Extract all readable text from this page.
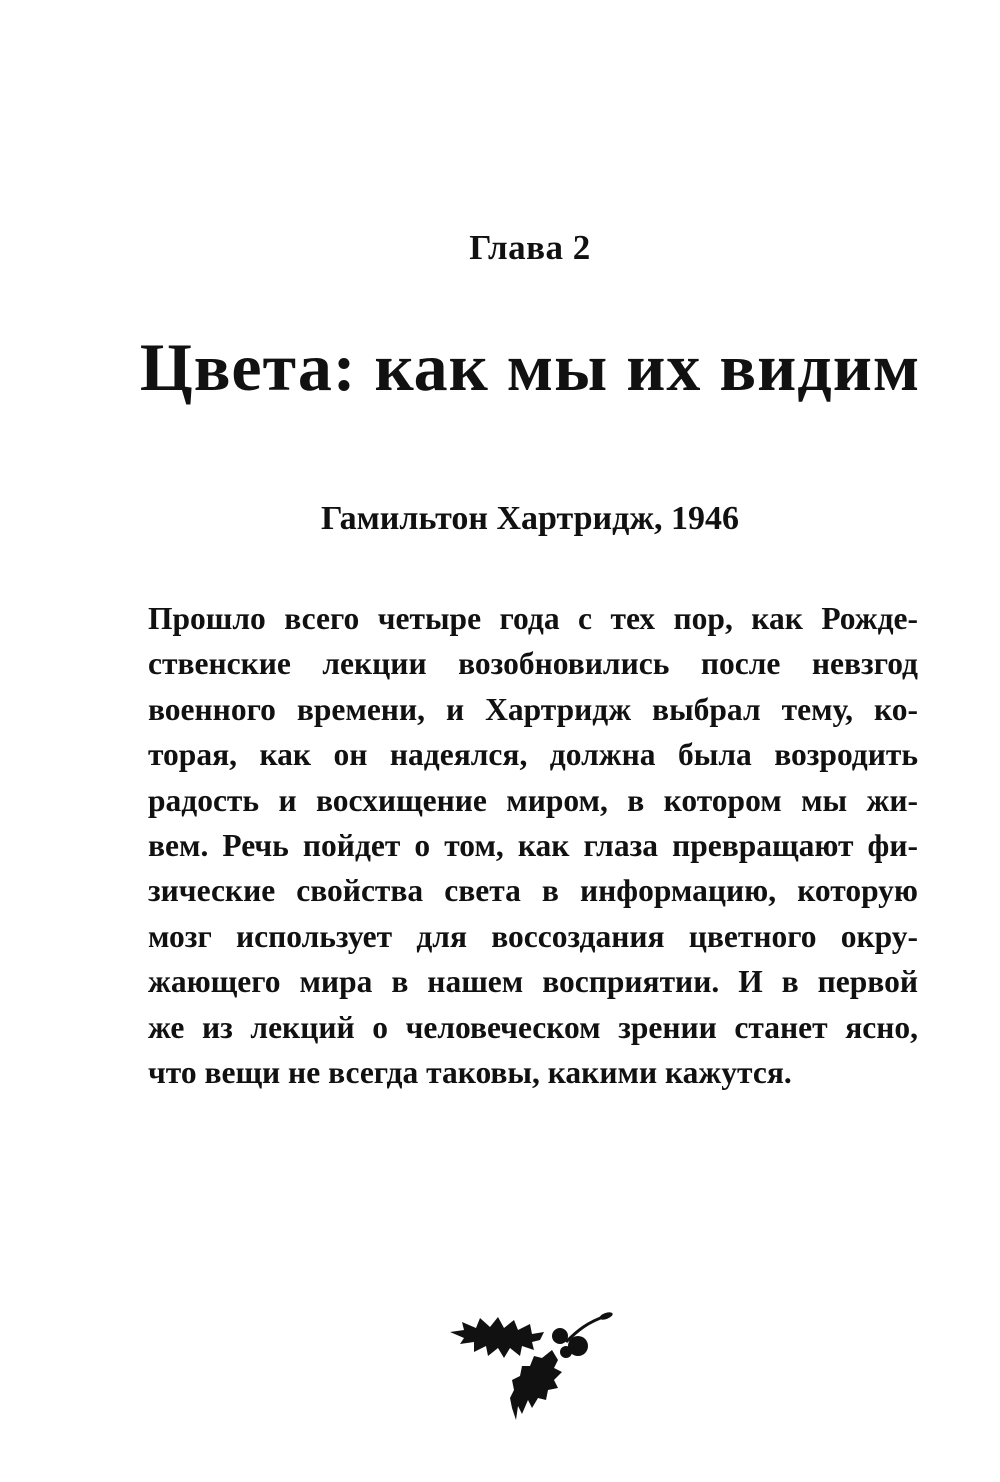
Глава 2
Цвета: как мы их видим
Гамильтон Хартридж, 1946
Прошло всего четыре года с тех пор, как Рожде-
ственские лекции возобновились после невзгод
военного времени, и Хартридж выбрал тему, ко-
торая, как он надеялся, должна была возродить
радость и восхищение миром, в котором мы жи-
вем. Речь пойдет о том, как глаза превращают фи-
зические свойства света в информацию, которую
мозг использует для воссоздания цветного окру-
жающего мира в нашем восприятии. И в первой
же из лекций о человеческом зрении станет ясно,
что вещи не всегда таковы, какими кажутся.
